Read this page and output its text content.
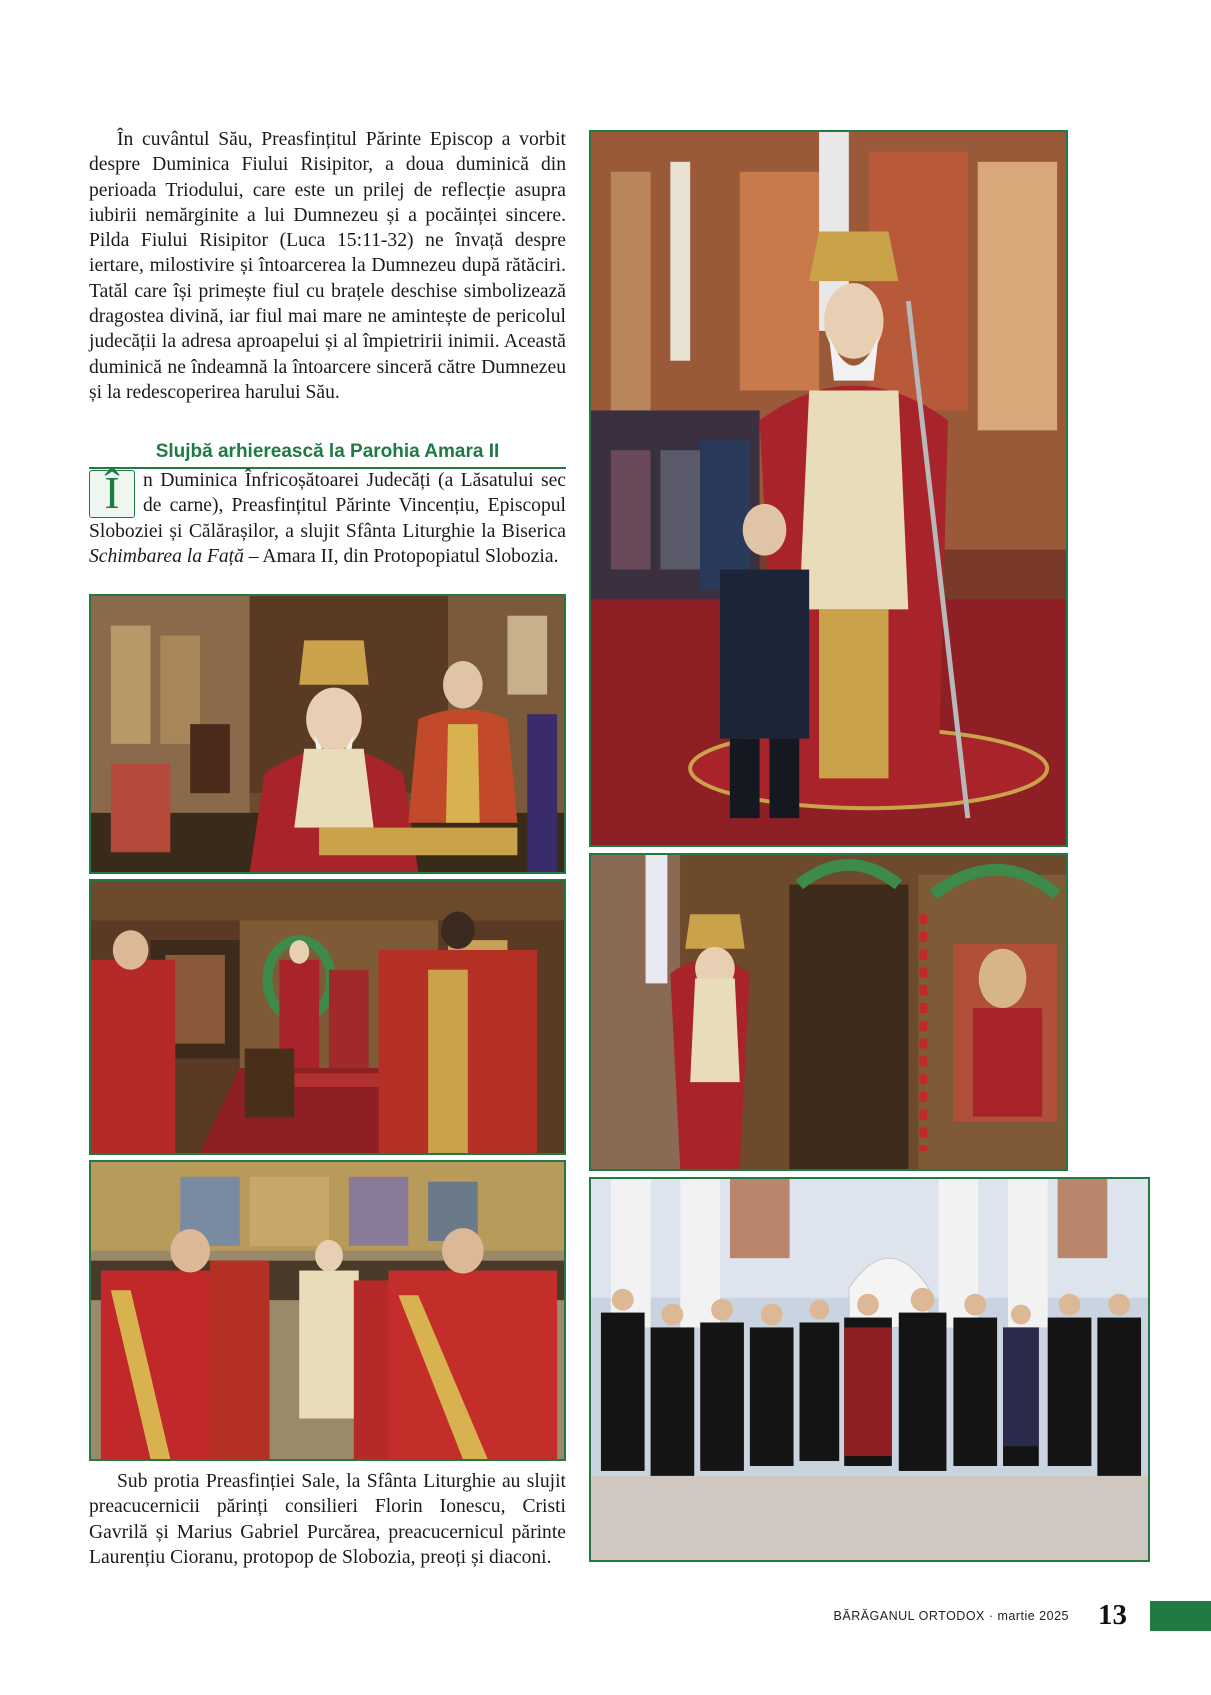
În cuvântul Său, Preasfințitul Părinte Episcop a vorbit despre Duminica Fiului Risipitor, a doua duminică din perioada Triodului, care este un prilej de reflecție asupra iubirii nemărginite a lui Dumnezeu și a pocăinței sincere. Pilda Fiului Risipitor (Luca 15:11-32) ne învață despre iertare, milostivire și întoarcerea la Dumnezeu după rătăciri. Tatăl care își primește fiul cu brațele deschise simbolizează dragostea divină, iar fiul mai mare ne amintește de pericolul judecății la adresa aproapelui și al împietririi inimii. Această duminică ne îndeamnă la întoarcere sinceră către Dumnezeu și la redescoperirea harului Său.

Slujbă arhierească la Parohia Amara II

Î	n Duminica Înfricoșătoarei Judecăți (a Lăsatului sec de carne), Preasfințitul Părinte Vincențiu, Episcopul Sloboziei și Călărașilor, a slujit Sfânta Liturghie la Biserica Schimbarea la Față – Amara II, din Protopopiatul Slobozia.

Sub protia Preasfinției Sale, la Sfânta Liturghie au slujit preacucernicii părinți consilieri Florin Ionescu, Cristi Gavrilă și Marius Gabriel Purcărea, preacucernicul părinte Laurențiu Cioranu, protopop de Slobozia, preoți și diaconi.

BĂRĂGANUL ORTODOX · martie 2025 13
